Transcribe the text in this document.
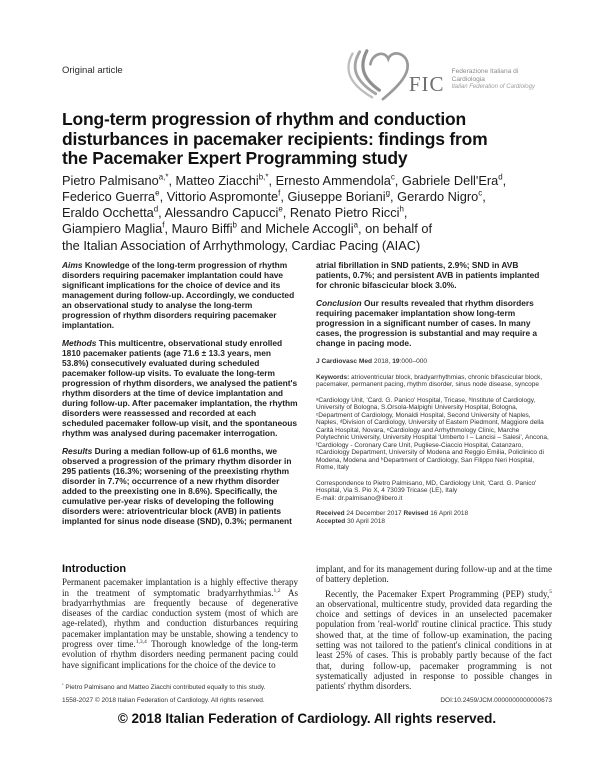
Original article
FIC
Federazione Italiana di Cardiologia
Italian Federation of Cardiology
Long-term progression of rhythm and conduction
disturbances in pacemaker recipients: findings from
the Pacemaker Expert Programming study
Pietro Palmisano$^{a,*}$, Matteo Ziacchi$^{b,*}$, Ernesto Ammendola$^c$, Gabriele Dell'Era$^d$,
Federico Guerra$^e$, Vittorio Aspromonte$^f$, Giuseppe Boriani$^g$, Gerardo Nigro$^c$,
Eraldo Occhetta$^d$, Alessandro Capucci$^e$, Renato Pietro Ricci$^h$,
Giampiero Maglia$^f$, Mauro Biffi$^b$ and Michele Accogli$^a$, on behalf of
the Italian Association of Arrhythmology, Cardiac Pacing (AIAC)

Aims Knowledge of the long-term progression of rhythm disorders requiring pacemaker implantation could have significant implications for the choice of device and its management during follow-up. Accordingly, we conducted an observational study to analyse the long-term progression of rhythm disorders requiring pacemaker implantation.

Methods This multicentre, observational study enrolled 1810 pacemaker patients (age 71.6 ± 13.3 years, men 53.8%) consecutively evaluated during scheduled pacemaker follow-up visits. To evaluate the long-term progression of rhythm disorders, we analysed the patient's rhythm disorders at the time of device implantation and during follow-up. After pacemaker implantation, the rhythm disorders were reassessed and recorded at each scheduled pacemaker follow-up visit, and the spontaneous rhythm was analysed during pacemaker interrogation.

Results During a median follow-up of 61.6 months, we observed a progression of the primary rhythm disorder in 295 patients (16.3%; worsening of the preexisting rhythm disorder in 7.7%; occurrence of a new rhythm disorder added to the preexisting one in 8.6%). Specifically, the cumulative per-year risks of developing the following disorders were: atrioventricular block (AVB) in patients implanted for sinus node disease (SND), 0.3%; permanent

atrial fibrillation in SND patients, 2.9%; SND in AVB patients, 0.7%; and persistent AVB in patients implanted for chronic bifascicular block 3.0%.

Conclusion Our results revealed that rhythm disorders requiring pacemaker implantation show long-term progression in a significant number of cases. In many cases, the progression is substantial and may require a change in pacing mode.

J Cardiovasc Med 2018, 19:000–000

Keywords: atrioventricular block, bradyarrhythmias, chronic bifascicular block, pacemaker, permanent pacing, rhythm disorder, sinus node disease, syncope

ᵃCardiology Unit, 'Card. G. Panico' Hospital, Tricase, ᵇInstitute of Cardiology, University of Bologna, S.Orsola-Malpighi University Hospital, Bologna, ᶜDepartment of Cardiology, Monaldi Hospital, Second University of Naples, Naples, ᵈDivision of Cardiology, University of Eastern Piedmont, Maggiore della Carità Hospital, Novara, ᵉCardiology and Arrhythmology Clinic, Marche Polytechnic University, University Hospital 'Umberto I – Lancisi – Salesi', Ancona, ᶠCardiology - Coronary Care Unit, Pugliese-Ciaccio Hospital, Catanzaro, ᵍCardiology Department, University of Modena and Reggio Emilia, Policlinico di Modena, Modena and ʰDepartment of Cardiology, San Filippo Neri Hospital, Rome, Italy

Correspondence to Pietro Palmisano, MD, Cardiology Unit, 'Card. G. Panico' Hospital, Via S. Pio X, 4 73039 Tricase (LE), Italy

E-mail: dr.palmisano@libero.it

Received 24 December 2017 Revised 16 April 2018
Accepted 30 April 2018

Introduction

Permanent pacemaker implantation is a highly effective therapy in the treatment of symptomatic bradyarrhythmias.$^{1,2}$ As bradyarrhythmias are frequently because of degenerative diseases of the cardiac conduction system (most of which are age-related), rhythm and conduction disturbances requiring pacemaker implantation may be unstable, showing a tendency to progress over time.$^{1,3,4}$ Thorough knowledge of the long-term evolution of rhythm disorders needing permanent pacing could have significant implications for the choice of the device to

* Pietro Palmisano and Matteo Ziacchi contributed equally to this study.

implant, and for its management during follow-up and at the time of battery depletion.

Recently, the Pacemaker Expert Programming (PEP) study,$^5$ an observational, multicentre study, provided data regarding the choice and settings of devices in an unselected pacemaker population from 'real-world' routine clinical practice. This study showed that, at the time of follow-up examination, the pacing setting was not tailored to the patient's clinical conditions in at least 25% of cases. This is probably partly because of the fact that, during follow-up, pacemaker programming is not systematically adjusted in response to possible changes in patients' rhythm disorders.

1558-2027 © 2018 Italian Federation of Cardiology. All rights reserved.	DOI:10.2459/JCM.0000000000000673
© 2018 Italian Federation of Cardiology. All rights reserved.
